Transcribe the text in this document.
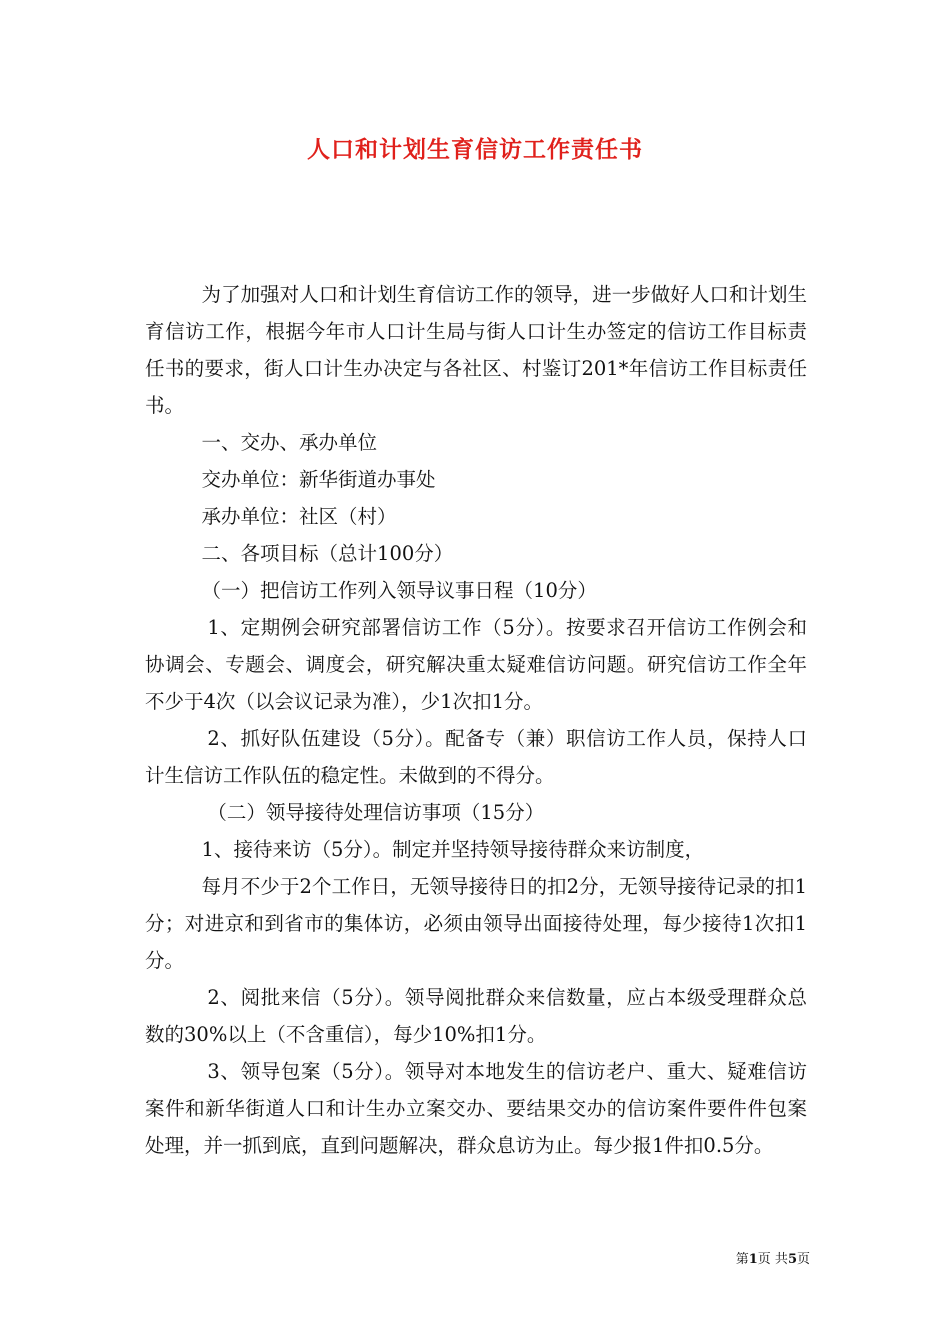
人口和计划生育信访工作责任书

为了加强对人口和计划生育信访工作的领导，进一步做好人口和计划生育信访工作，根据今年市人口计生局与街人口计生办签定的信访工作目标责任书的要求，街人口计生办决定与各社区、村鉴订201*年信访工作目标责任书。

一、交办、承办单位

交办单位：新华街道办事处

承办单位：社区（村）

二、各项目标（总计100分）

（一）把信访工作列入领导议事日程（10分）

1、定期例会研究部署信访工作（5分）。按要求召开信访工作例会和协调会、专题会、调度会，研究解决重太疑难信访问题。研究信访工作全年不少于4次（以会议记录为准），少1次扣1分。

2、抓好队伍建设（5分）。配备专（兼）职信访工作人员，保持人口计生信访工作队伍的稳定性。未做到的不得分。

（二）领导接待处理信访事项（15分）

1、接待来访（5分）。制定并坚持领导接待群众来访制度，

每月不少于2个工作日，无领导接待日的扣2分，无领导接待记录的扣1分；对进京和到省市的集体访，必须由领导出面接待处理，每少接待1次扣1分。

2、阅批来信（5分）。领导阅批群众来信数量，应占本级受理群众总数的30%以上（不含重信），每少10%扣1分。

3、领导包案（5分）。领导对本地发生的信访老户、重大、疑难信访案件和新华街道人口和计生办立案交办、要结果交办的信访案件要件件包案处理，并一抓到底，直到问题解决，群众息访为止。每少报1件扣0.5分。

第1页 共5页
